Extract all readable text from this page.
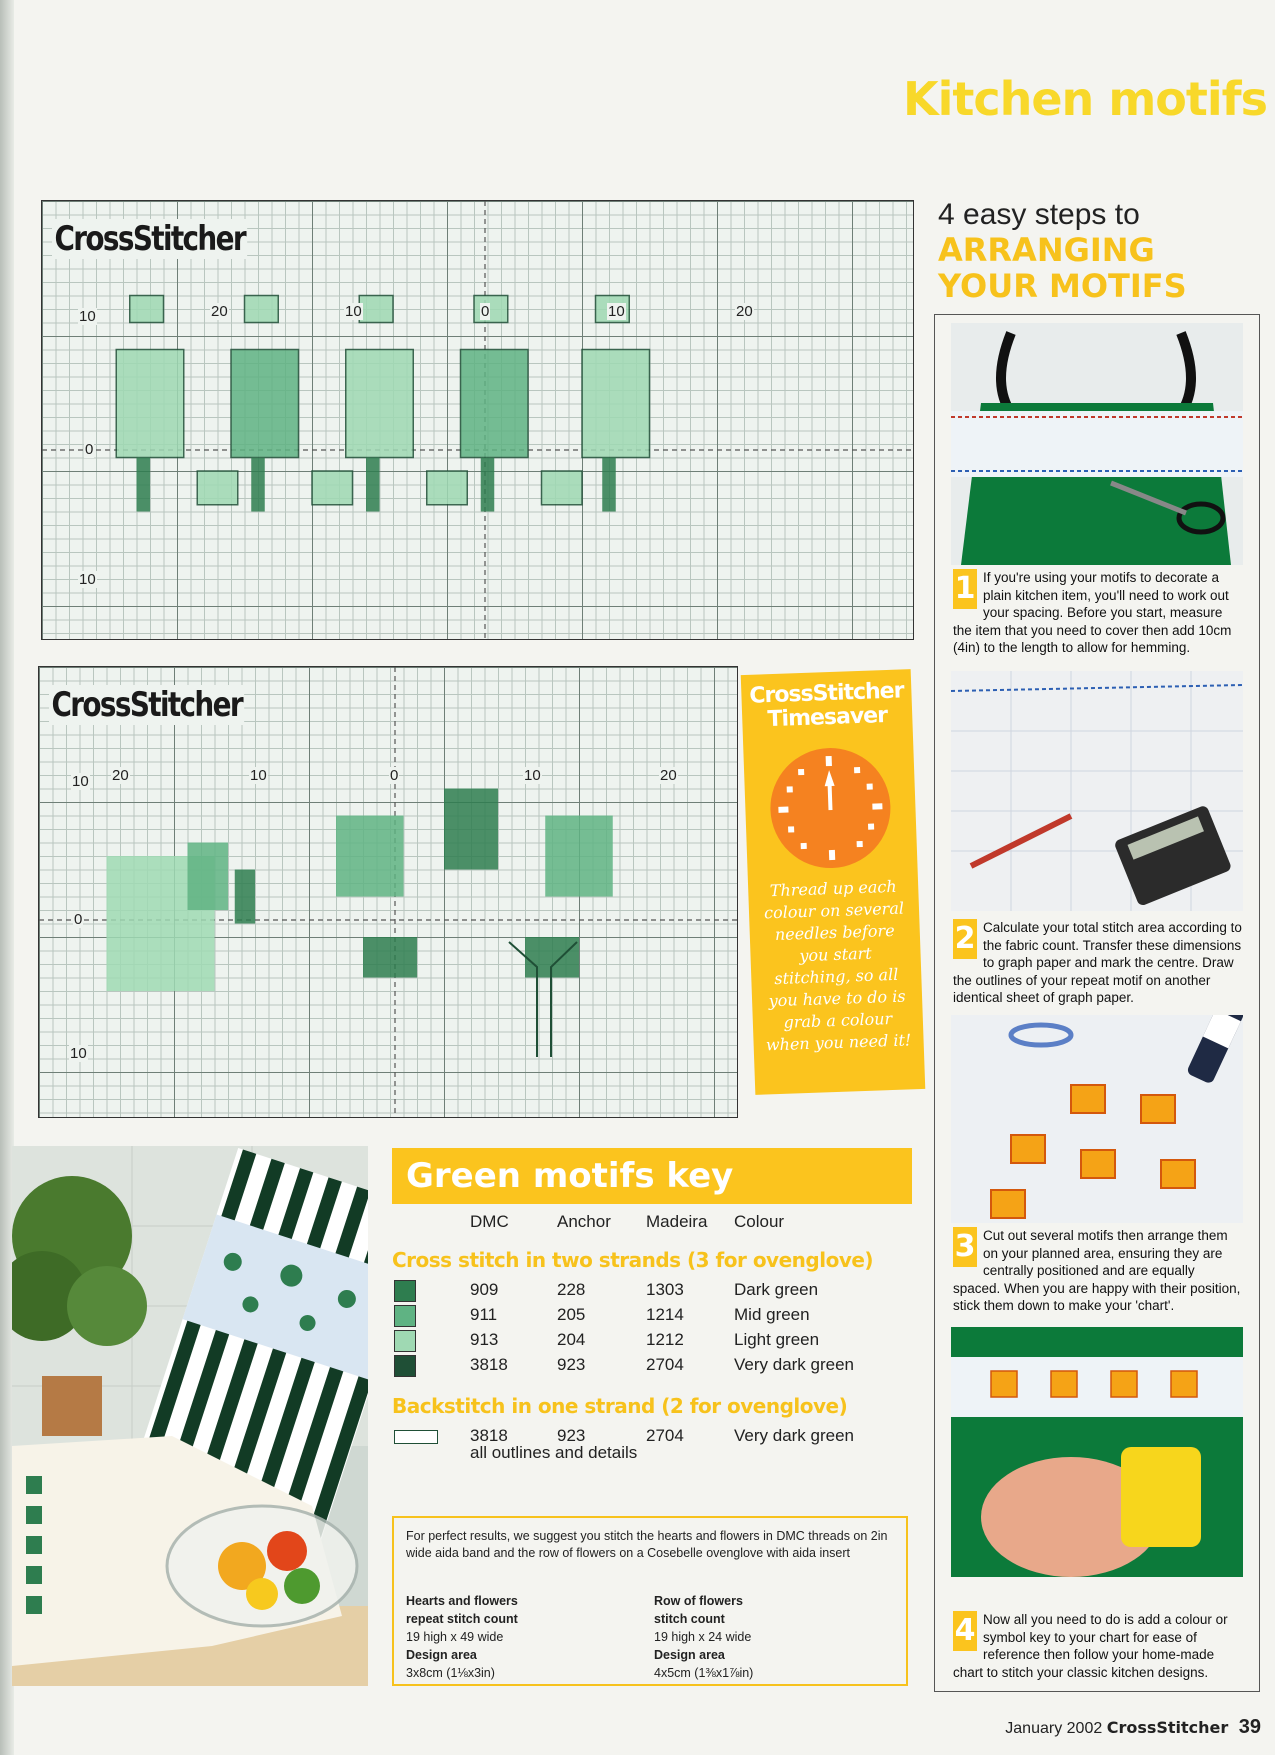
Kitchen motifs
CrossStitcher
10	20	10	0	10	20
0
10
CrossStitcher
10 20	10	0	10	20
0
10
CrossStitcher Timesaver
Thread up each colour on several needles before you start stitching, so all you have to do is grab a colour when you need it!
Green motifs key
DMC	Anchor Madeira Colour
Cross stitch in two strands (3 for ovenglove)
909	228	1303	Dark green
911	205	1214	Mid green
913	204	1212	Light green
3818	923	2704	Very dark green
Backstitch in one strand (2 for ovenglove)
3818	923	2704	Very dark green
all outlines and details
For perfect results, we suggest you stitch the hearts and flowers in DMC threads on 2in wide aida band and the row of flowers on a Cosebelle ovenglove with aida insert
Hearts and flowers
repeat stitch count
19 high x 49 wide
Design area
3x8cm (1⅛x3in)
Row of flowers
stitch count
19 high x 24 wide
Design area
4x5cm (1⅜x1⅞in)
4 easy steps to
ARRANGING
YOUR MOTIFS
1 If you're using your motifs to decorate a plain kitchen item, you'll need to work out your spacing. Before you start, measure the item that you need to cover then add 10cm (4in) to the length to allow for hemming.
2 Calculate your total stitch area according to the fabric count. Transfer these dimensions to graph paper and mark the centre. Draw the outlines of your repeat motif on another identical sheet of graph paper.
3 Cut out several motifs then arrange them on your planned area, ensuring they are centrally positioned and are equally spaced. When you are happy with their position, stick them down to make your 'chart'.
4 Now all you need to do is add a colour or symbol key to your chart for ease of reference then follow your home-made chart to stitch your classic kitchen designs.
January 2002 CrossStitcher 39
